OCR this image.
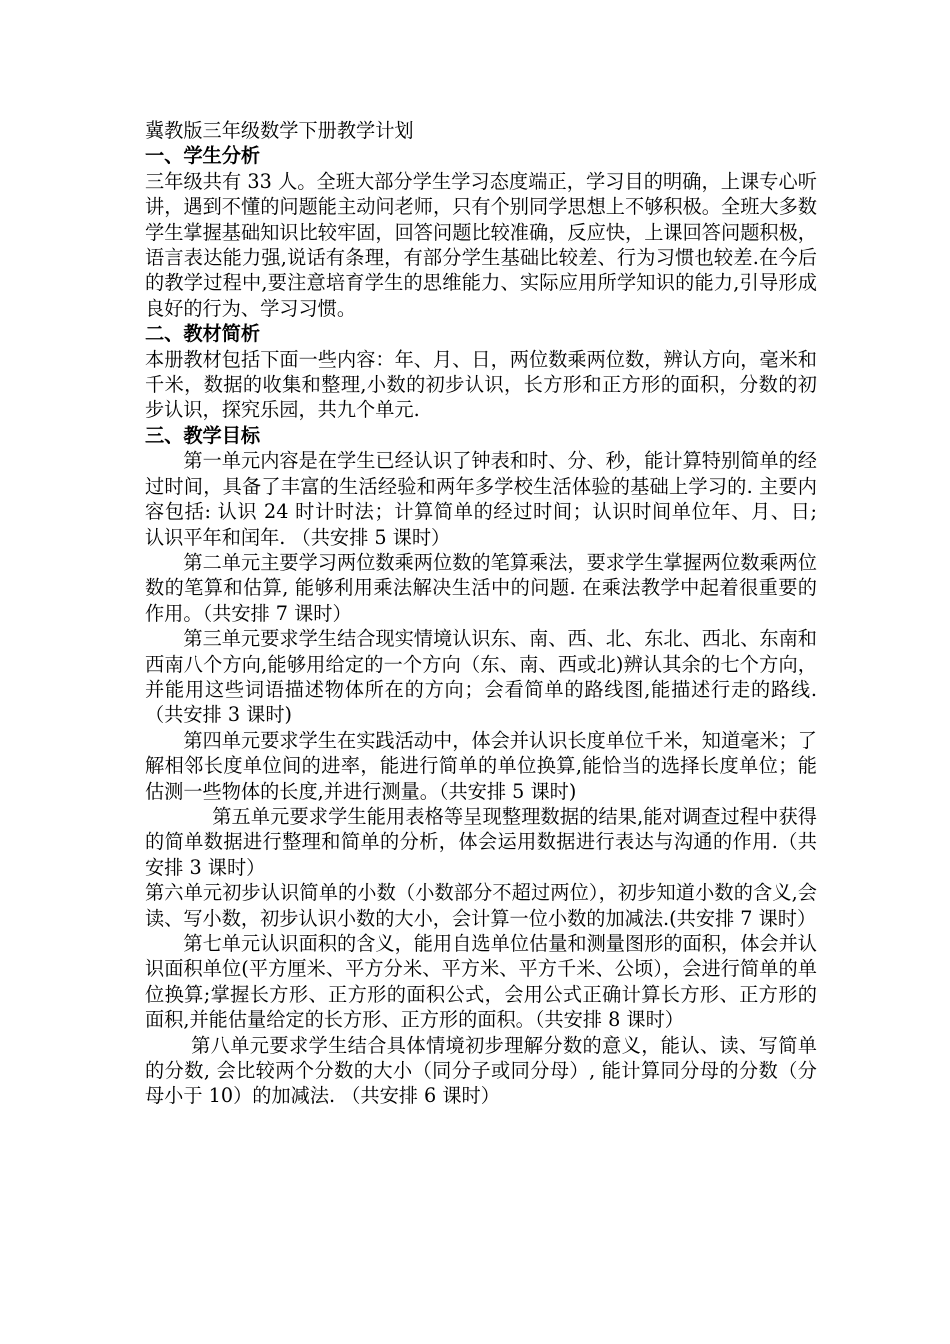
冀教版三年级数学下册教学计划

一、学生分析

三年级共有 33 人。全班大部分学生学习态度端正，学习目的明确，上课专心听讲，遇到不懂的问题能主动问老师，只有个别同学思想上不够积极。全班大多数学生掌握基础知识比较牢固，回答问题比较准确，反应快，上课回答问题积极，语言表达能力强,说话有条理，有部分学生基础比较差、行为习惯也较差.在今后的教学过程中,要注意培育学生的思维能力、实际应用所学知识的能力,引导形成良好的行为、学习习惯。

二、教材简析

本册教材包括下面一些内容：年、月、日，两位数乘两位数，辨认方向，毫米和千米，数据的收集和整理,小数的初步认识，长方形和正方形的面积，分数的初步认识，探究乐园，共九个单元.

三、教学目标

第一单元内容是在学生已经认识了钟表和时、分、秒，能计算特别简单的经过时间，具备了丰富的生活经验和两年多学校生活体验的基础上学习的. 主要内容包括: 认识 24 时计时法；计算简单的经过时间；认识时间单位年、月、日; 认识平年和闰年. （共安排 5 课时）

第二单元主要学习两位数乘两位数的笔算乘法，要求学生掌握两位数乘两位数的笔算和估算, 能够利用乘法解决生活中的问题. 在乘法教学中起着很重要的作用。（共安排 7 课时）

第三单元要求学生结合现实情境认识东、南、西、北、东北、西北、东南和西南八个方向,能够用给定的一个方向（东、南、西或北)辨认其余的七个方向，并能用这些词语描述物体所在的方向；会看简单的路线图,能描述行走的路线.（共安排 3 课时)

第四单元要求学生在实践活动中，体会并认识长度单位千米，知道毫米；了解相邻长度单位间的进率，能进行简单的单位换算,能恰当的选择长度单位；能估测一些物体的长度,并进行测量。（共安排 5 课时)

第五单元要求学生能用表格等呈现整理数据的结果,能对调查过程中获得的简单数据进行整理和简单的分析，体会运用数据进行表达与沟通的作用.（共安排 3 课时）

第六单元初步认识简单的小数（小数部分不超过两位），初步知道小数的含义,会读、写小数，初步认识小数的大小，会计算一位小数的加减法.(共安排 7 课时）

第七单元认识面积的含义，能用自选单位估量和测量图形的面积，体会并认识面积单位(平方厘米、平方分米、平方米、平方千米、公顷），会进行简单的单位换算;掌握长方形、正方形的面积公式，会用公式正确计算长方形、正方形的面积,并能估量给定的长方形、正方形的面积。（共安排 8 课时）

第八单元要求学生结合具体情境初步理解分数的意义，能认、读、写简单的分数, 会比较两个分数的大小（同分子或同分母）, 能计算同分母的分数（分母小于 10）的加减法. （共安排 6 课时）
